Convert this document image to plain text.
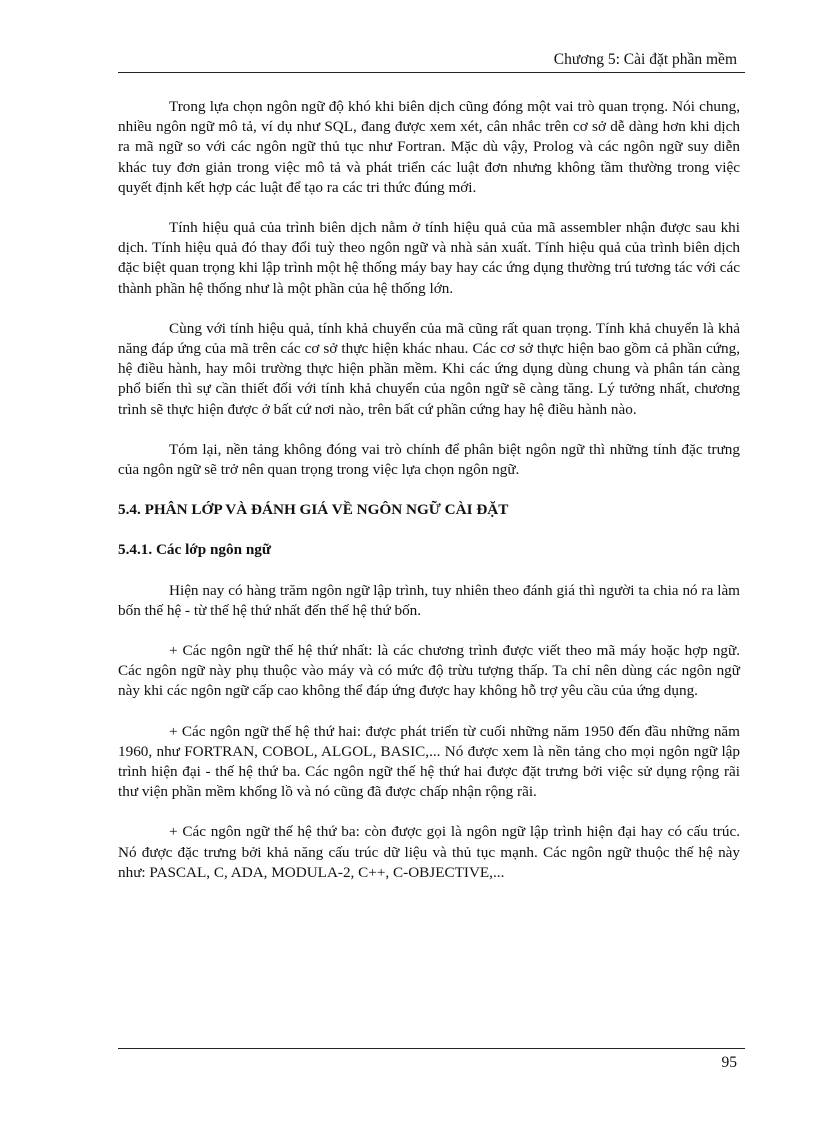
Chương 5: Cài đặt phần mềm

Trong lựa chọn ngôn ngữ độ khó khi biên dịch cũng đóng một vai trò quan trọng. Nói chung, nhiều ngôn ngữ mô tả, ví dụ như SQL, đang được xem xét, cân nhắc trên cơ sở dễ dàng hơn khi dịch ra mã ngữ so với các ngôn ngữ thủ tục như Fortran. Mặc dù vậy, Prolog và các ngôn ngữ suy diễn khác tuy đơn giản trong việc mô tả và phát triển các luật đơn nhưng không tầm thường trong việc quyết định kết hợp các luật để tạo ra các tri thức đúng mới.

Tính hiệu quả của trình biên dịch nằm ở tính hiệu quả của mã assembler nhận được sau khi dịch. Tính hiệu quả đó thay đổi tuỳ theo ngôn ngữ và nhà sản xuất. Tính hiệu quả của trình biên dịch đặc biệt quan trọng khi lập trình một hệ thống máy bay hay các ứng dụng thường trú tương tác với các thành phần hệ thống như là một phần của hệ thống lớn.

Cùng với tính hiệu quả, tính khả chuyển của mã cũng rất quan trọng. Tính khả chuyển là khả năng đáp ứng của mã trên các cơ sở thực hiện khác nhau. Các cơ sở thực hiện bao gồm cả phần cứng, hệ điều hành, hay môi trường thực hiện phần mềm. Khi các ứng dụng dùng chung và phân tán càng phổ biến thì sự cần thiết đối với tính khả chuyển của ngôn ngữ sẽ càng tăng. Lý tưởng nhất, chương trình sẽ thực hiện được ở bất cứ nơi nào, trên bất cứ phần cứng hay hệ điều hành nào.

Tóm lại, nền tảng không đóng vai trò chính để phân biệt ngôn ngữ thì những tính đặc trưng của ngôn ngữ sẽ trở nên quan trọng trong việc lựa chọn ngôn ngữ.

5.4. PHÂN LỚP VÀ ĐÁNH GIÁ VỀ NGÔN NGỮ CÀI ĐẶT
5.4.1. Các lớp ngôn ngữ

Hiện nay có hàng trăm ngôn ngữ lập trình, tuy nhiên theo đánh giá thì người ta chia nó ra làm bốn thế hệ - từ thế hệ thứ nhất đến thế hệ thứ bốn.

+ Các ngôn ngữ thế hệ thứ nhất: là các chương trình được viết theo mã máy hoặc hợp ngữ. Các ngôn ngữ này phụ thuộc vào máy và có mức độ trừu tượng thấp. Ta chỉ nên dùng các ngôn ngữ này khi các ngôn ngữ cấp cao không thể đáp ứng được hay không hỗ trợ yêu cầu của ứng dụng.

+ Các ngôn ngữ thế hệ thứ hai: được phát triển từ cuối những năm 1950 đến đầu những năm 1960, như FORTRAN, COBOL, ALGOL, BASIC,... Nó được xem là nền tảng cho mọi ngôn ngữ lập trình hiện đại - thế hệ thứ ba. Các ngôn ngữ thế hệ thứ hai được đặt trưng bởi việc sử dụng rộng rãi thư viện phần mềm khổng lồ và nó cũng đã được chấp nhận rộng rãi.

+ Các ngôn ngữ thế hệ thứ ba: còn được gọi là ngôn ngữ lập trình hiện đại hay có cấu trúc. Nó được đặc trưng bởi khả năng cấu trúc dữ liệu và thủ tục mạnh. Các ngôn ngữ thuộc thế hệ này như: PASCAL, C, ADA, MODULA-2, C++, C-OBJECTIVE,...

95
